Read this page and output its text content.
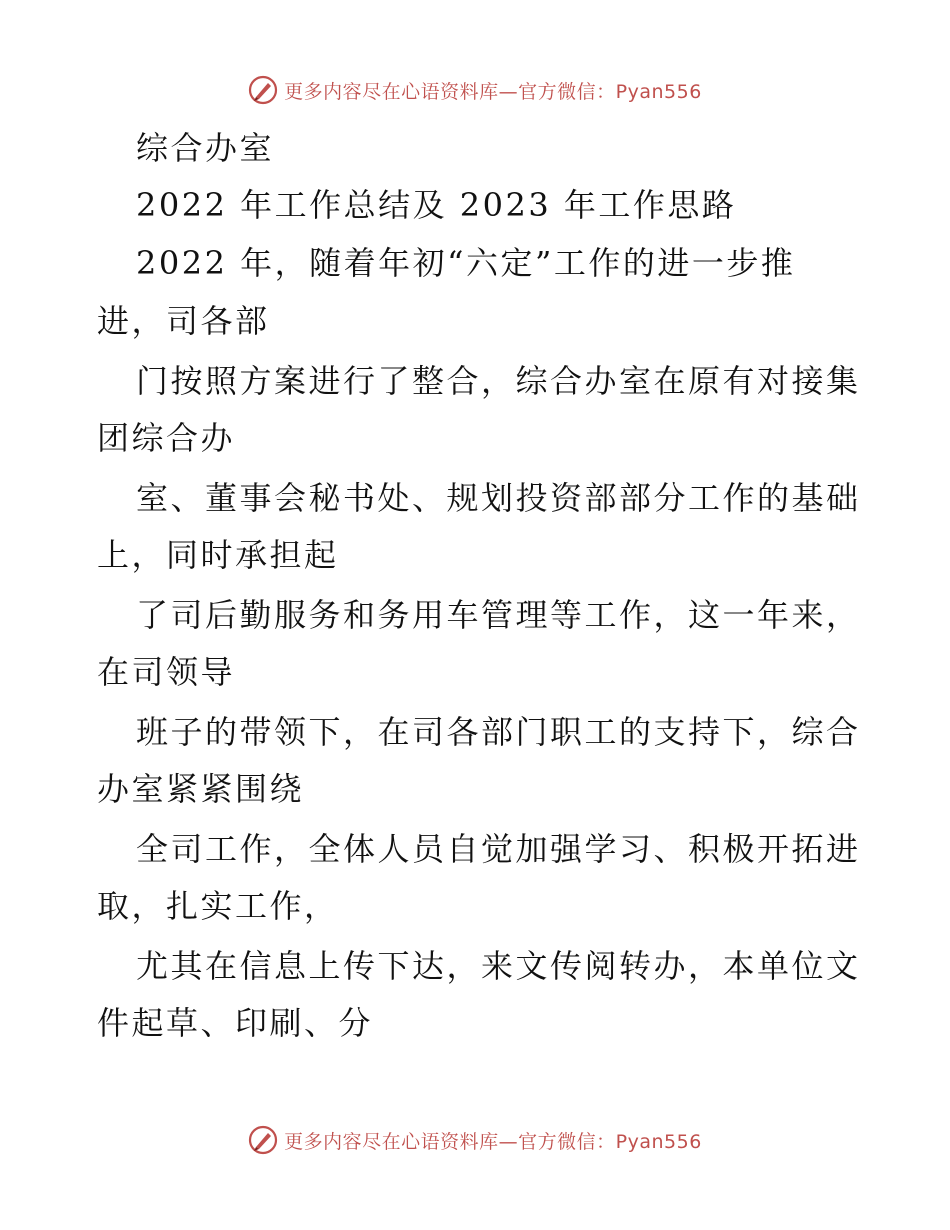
更多内容尽在心语资料库—官方微信：Pyan556
综合办室
2022 年工作总结及 2023 年工作思路
2022 年，随着年初“六定”工作的进一步推
进，司各部
门按照方案进行了整合，综合办室在原有对接集
团综合办
室、董事会秘书处、规划投资部部分工作的基础
上，同时承担起
了司后勤服务和务用车管理等工作，这一年来，
在司领导
班子的带领下，在司各部门职工的支持下，综合
办室紧紧围绕
全司工作，全体人员自觉加强学习、积极开拓进
取，扎实工作，
尤其在信息上传下达，来文传阅转办，本单位文
件起草、印刷、分
更多内容尽在心语资料库—官方微信：Pyan556
